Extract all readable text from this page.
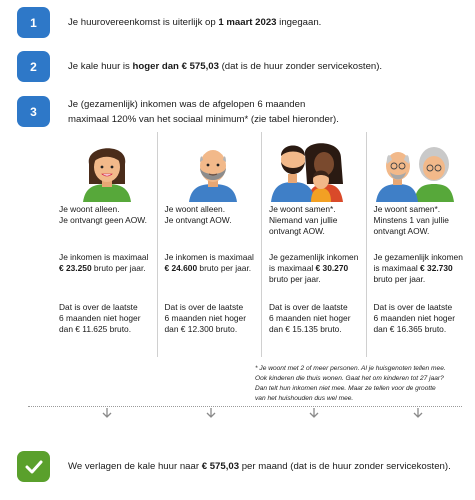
1	Je huurovereenkomst is uiterlijk op 1 maart 2023 ingegaan.
2	Je kale huur is hoger dan € 575,03 (dat is de huur zonder servicekosten).
3
Je (gezamenlijk) inkomen was de afgelopen 6 maanden
maximaal 120% van het sociaal minimum* (zie tabel hieronder).
Je woont alleen.
Je ontvangt geen AOW.
Je inkomen is maximaal
€ 23.250 bruto per jaar.
Dat is over de laatste
6 maanden niet hoger
dan € 11.625 bruto.
Je woont alleen.
Je ontvangt AOW.
Je inkomen is maximaal
€ 24.600 bruto per jaar.
Dat is over de laatste
6 maanden niet hoger
dan € 12.300 bruto.
Je woont samen*.
Niemand van jullie
ontvangt AOW.
Je gezamenlijk inkomen
is maximaal € 30.270
bruto per jaar.
Dat is over de laatste
6 maanden niet hoger
dan € 15.135 bruto.
Je woont samen*.
Minstens 1 van jullie
ontvangt AOW.
Je gezamenlijk inkomen
is maximaal € 32.730
bruto per jaar.
Dat is over de laatste
6 maanden niet hoger
dan € 16.365 bruto.
* Je woont met 2 of meer personen. Al je huisgenoten tellen mee.
Ook kinderen die thuis wonen. Gaat het om kinderen tot 27 jaar?
Dan telt hun inkomen niet mee. Maar ze tellen voor de grootte
van het huishouden dus wel mee.
We verlagen de kale huur naar € 575,03 per maand (dat is de huur zonder servicekosten).
